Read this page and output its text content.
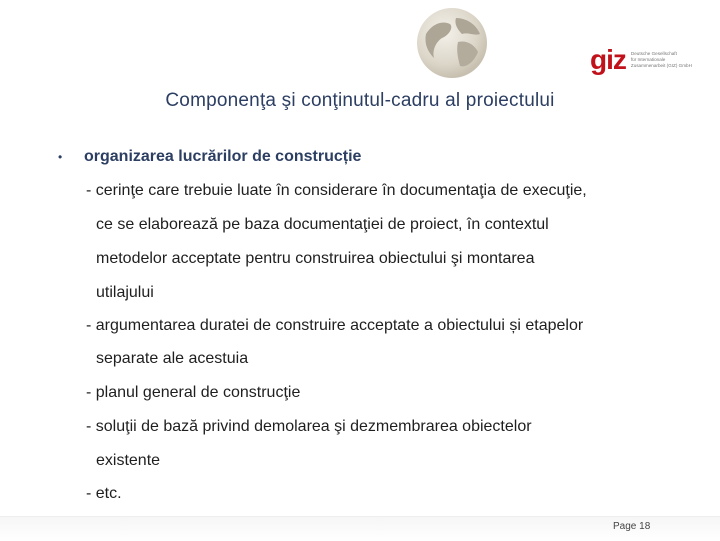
giz Deutsche Gesellschaft
für Internationale
Zusammenarbeit (GIZ) GmbH
Componenţa şi conţinutul-cadru al proiectului
•	organizarea lucrărilor de construcție
- cerinţe care trebuie luate în considerare în documentaţia de execuţie,
ce se elaborează pe baza documentaţiei de proiect, în contextul
metodelor acceptate pentru construirea obiectului şi montarea
utilajului
- argumentarea duratei de construire acceptate a obiectului și etapelor
separate ale acestuia
- planul general de construcţie
- soluţii de bază privind demolarea şi dezmembrarea obiectelor
existente
- etc.
Page 18
